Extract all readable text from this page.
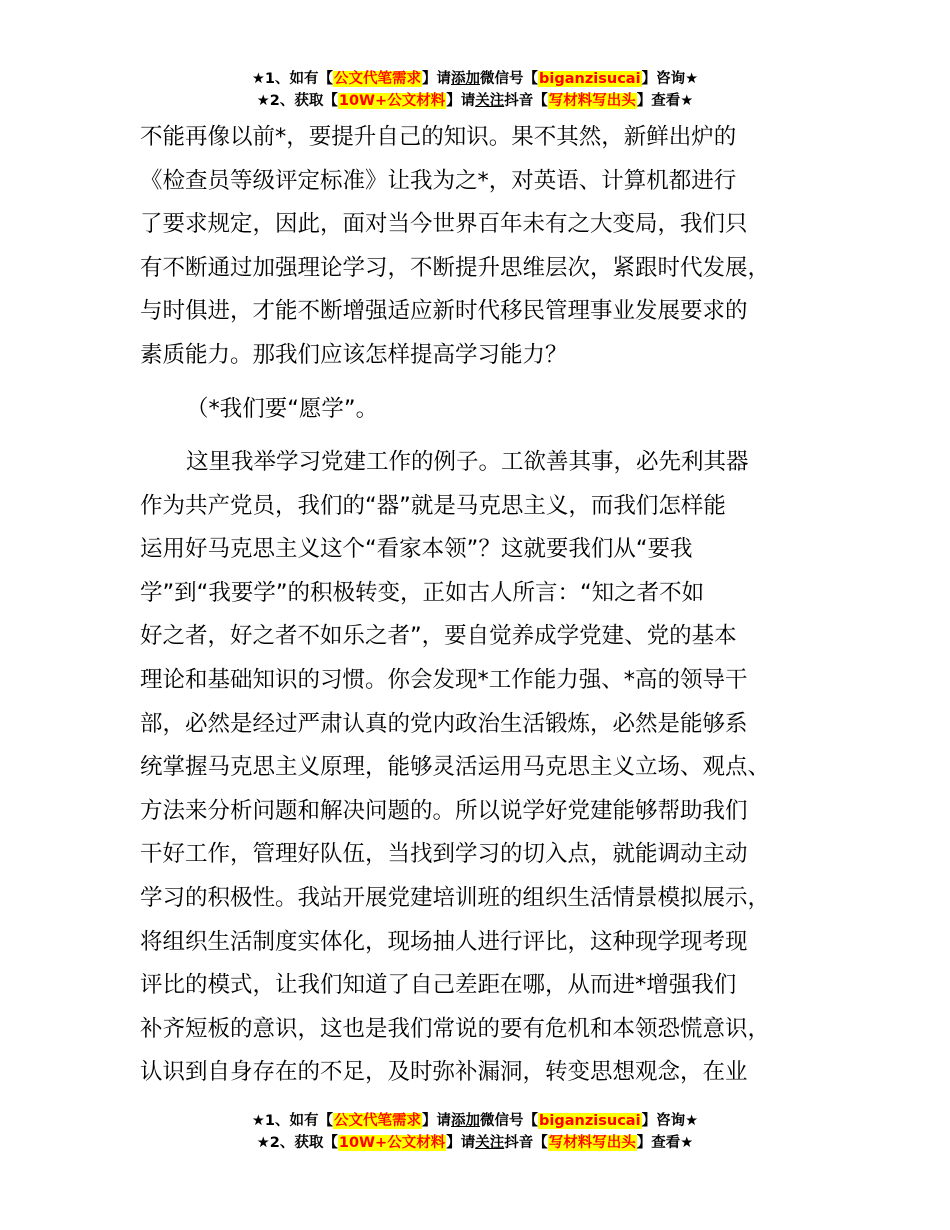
★1、如有【公文代笔需求】请添加微信号【biganzisucai】咨询★
★2、获取【10W+公文材料】请关注抖音【写材料写出头】查看★
不能再像以前*，要提升自己的知识。果不其然，新鲜出炉的
《检查员等级评定标准》让我为之*，对英语、计算机都进行
了要求规定，因此，面对当今世界百年未有之大变局，我们只
有不断通过加强理论学习，不断提升思维层次，紧跟时代发展，
与时俱进，才能不断增强适应新时代移民管理事业发展要求的
素质能力。那我们应该怎样提高学习能力？
（*我们要“愿学”。
这里我举学习党建工作的例子。工欲善其事，必先利其器
作为共产党员，我们的“器”就是马克思主义，而我们怎样能
运用好马克思主义这个“看家本领”？这就要我们从“要我
学”到“我要学”的积极转变，正如古人所言：“知之者不如
好之者，好之者不如乐之者”，要自觉养成学党建、党的基本
理论和基础知识的习惯。你会发现*工作能力强、*高的领导干
部，必然是经过严肃认真的党内政治生活锻炼，必然是能够系
统掌握马克思主义原理，能够灵活运用马克思主义立场、观点、
方法来分析问题和解决问题的。所以说学好党建能够帮助我们
干好工作，管理好队伍，当找到学习的切入点，就能调动主动
学习的积极性。我站开展党建培训班的组织生活情景模拟展示，
将组织生活制度实体化，现场抽人进行评比，这种现学现考现
评比的模式，让我们知道了自己差距在哪，从而进*增强我们
补齐短板的意识，这也是我们常说的要有危机和本领恐慌意识，
认识到自身存在的不足，及时弥补漏洞，转变思想观念，在业
★1、如有【公文代笔需求】请添加微信号【biganzisucai】咨询★
★2、获取【10W+公文材料】请关注抖音【写材料写出头】查看★
